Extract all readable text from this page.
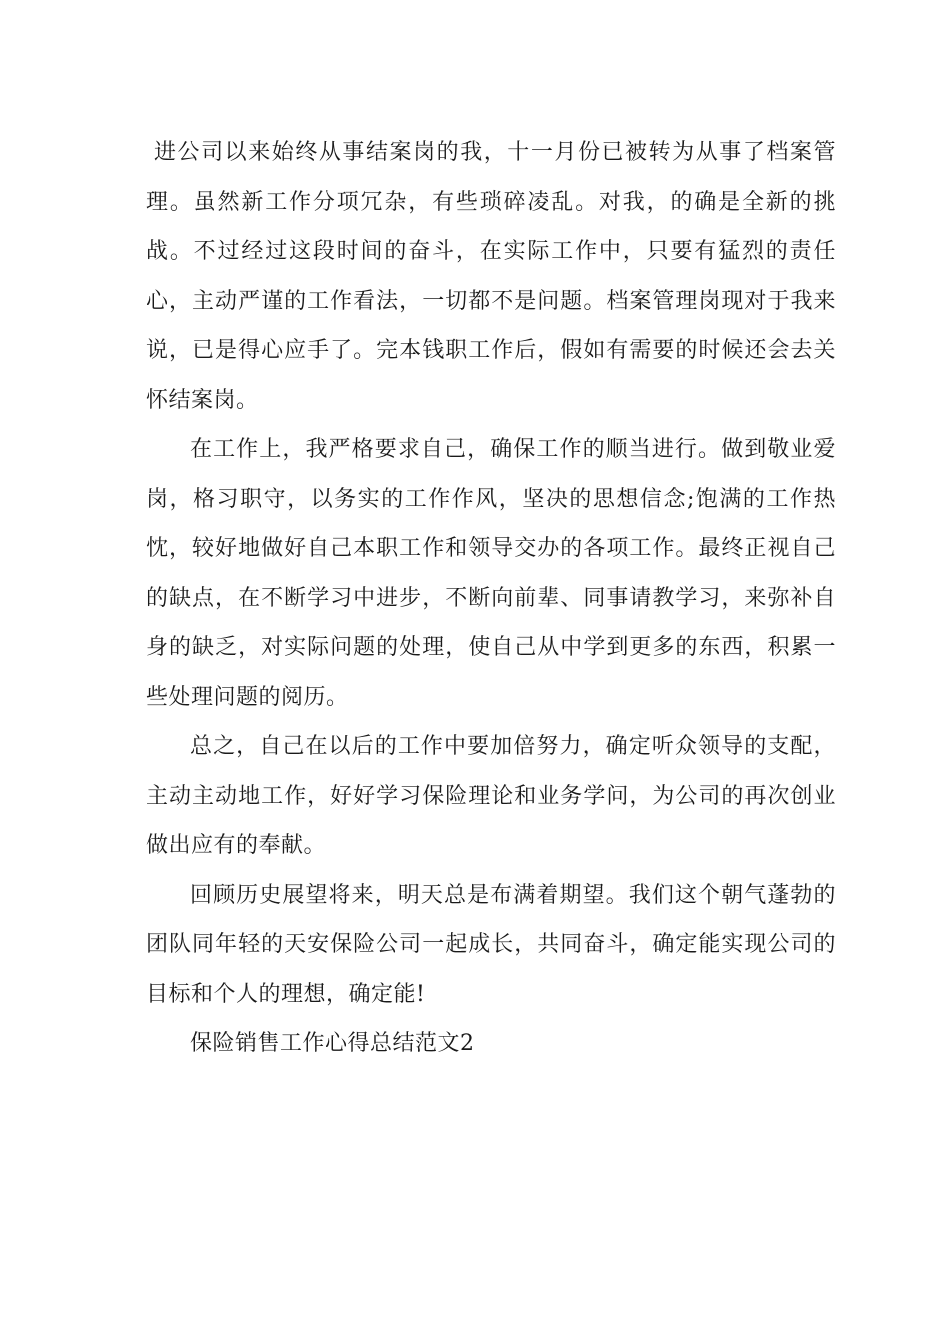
进公司以来始终从事结案岗的我，十一月份已被转为从事了档案管理。虽然新工作分项冗杂，有些琐碎凌乱。对我，的确是全新的挑战。不过经过这段时间的奋斗，在实际工作中，只要有猛烈的责任心，主动严谨的工作看法，一切都不是问题。档案管理岗现对于我来说，已是得心应手了。完本钱职工作后，假如有需要的时候还会去关怀结案岗。

在工作上，我严格要求自己，确保工作的顺当进行。做到敬业爱岗，格习职守，以务实的工作作风，坚决的思想信念;饱满的工作热忱，较好地做好自己本职工作和领导交办的各项工作。最终正视自己的缺点，在不断学习中进步，不断向前辈、同事请教学习，来弥补自身的缺乏，对实际问题的处理，使自己从中学到更多的东西，积累一些处理问题的阅历。

总之，自己在以后的工作中要加倍努力，确定听众领导的支配，主动主动地工作，好好学习保险理论和业务学问，为公司的再次创业做出应有的奉献。

回顾历史展望将来，明天总是布满着期望。我们这个朝气蓬勃的团队同年轻的天安保险公司一起成长，共同奋斗，确定能实现公司的目标和个人的理想，确定能!

保险销售工作心得总结范文2
